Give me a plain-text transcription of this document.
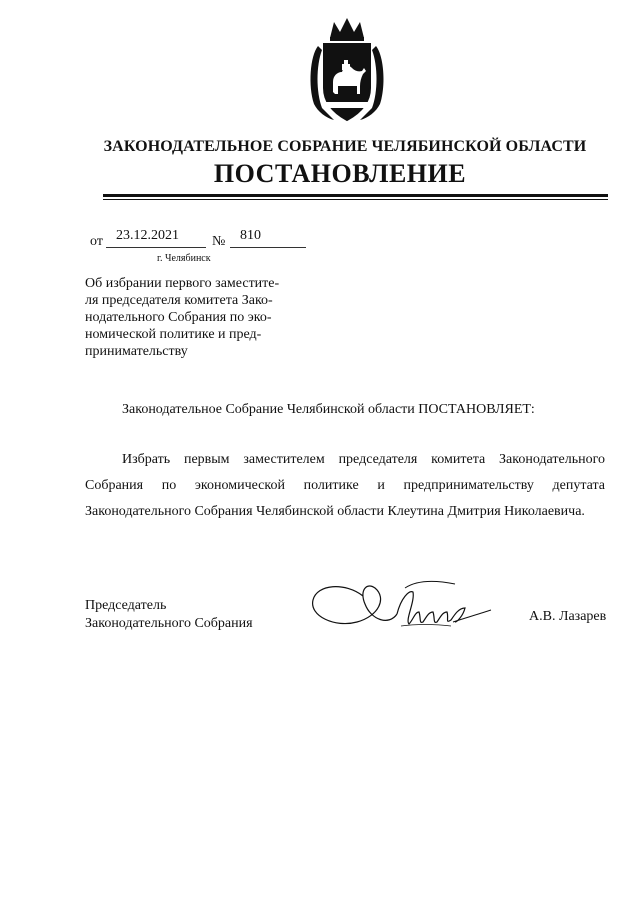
ЗАКОНОДАТЕЛЬНОЕ СОБРАНИЕ ЧЕЛЯБИНСКОЙ ОБЛАСТИ
ПОСТАНОВЛЕНИЕ
от 23.12.2021 № 810
г. Челябинск
Об избрании первого заместите-
ля председателя комитета Зако-
нодательного Собрания по эко-
номической политике и пред-
принимательству
Законодательное Собрание Челябинской области ПОСТАНОВЛЯЕТ:
Избрать первым заместителем председателя комитета Законодательного Собрания по экономической политике и предпринимательству депутата Законодательного Собрания Челябинской области Клеутина Дмитрия Николаевича.
Председатель
Законодательного Собрания	А.В. Лазарев
